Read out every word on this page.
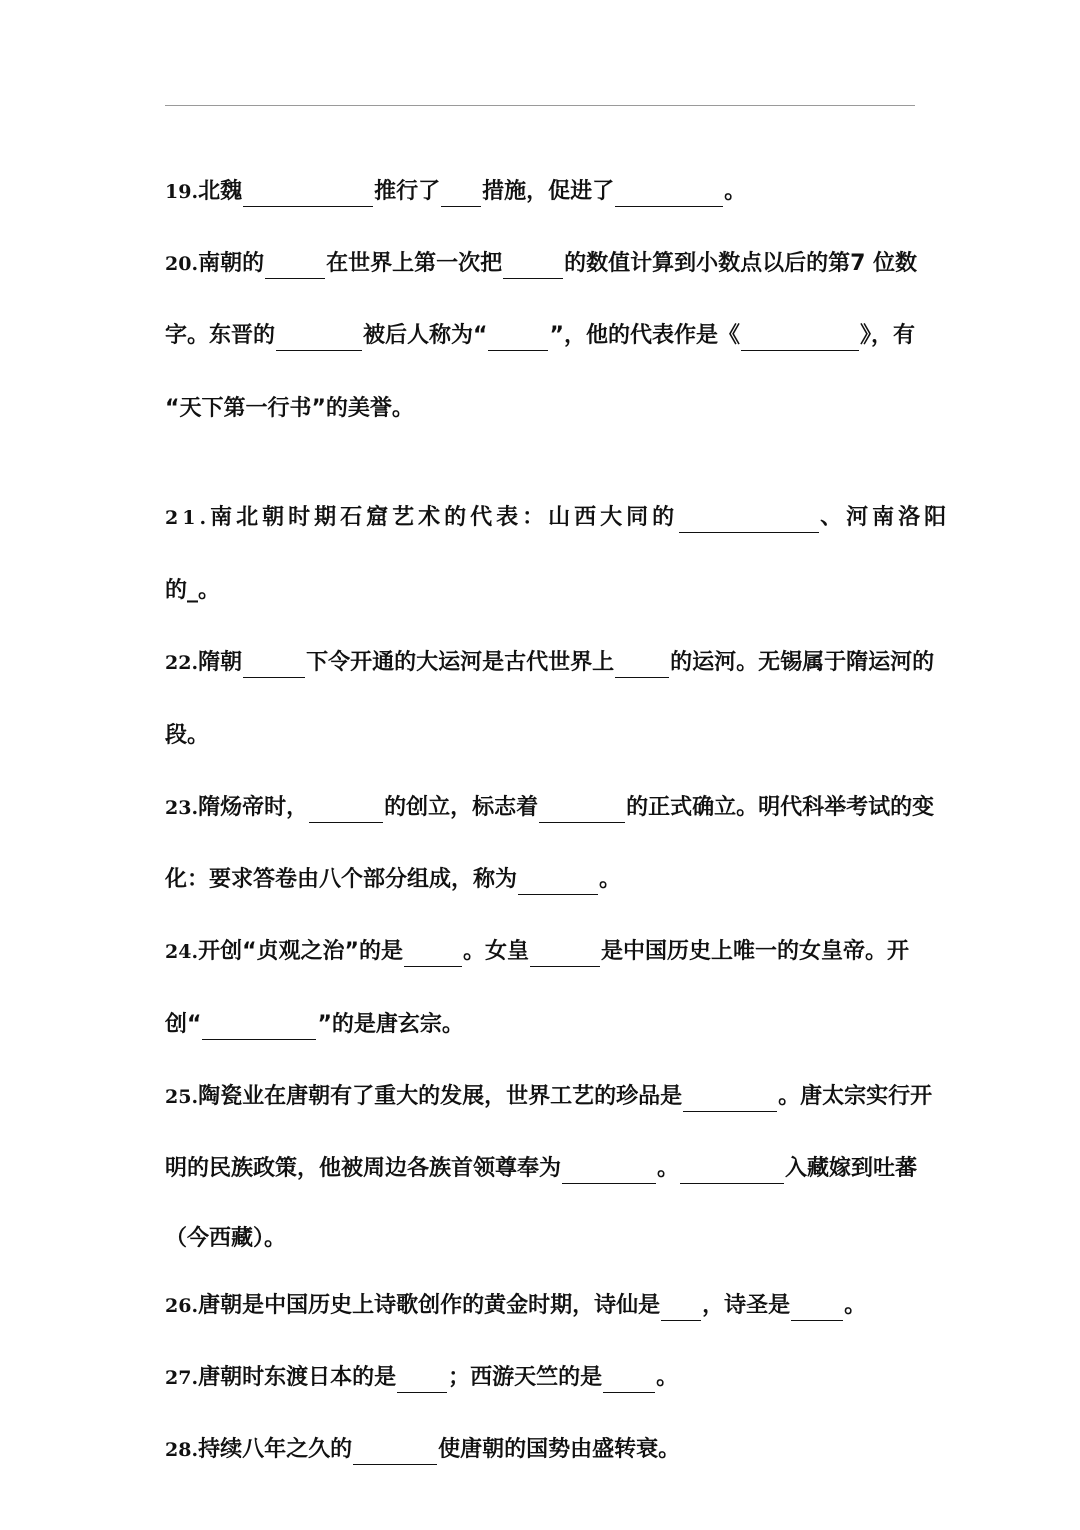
19.北魏	推行了 措施，促进了	。
20.南朝的	在世界上第一次把	的数值计算到小数点以后的第7 位数
字。东晋的	被后人称为“	”，他的代表作是《	》，有
“天下第一行书”的美誉。
21.南北朝时期石窟艺术的代表：山西大同的	、河南洛阳
的_。
22.隋朝	下令开通的大运河是古代世界上	的运河。无锡属于隋运河的
段。
23.隋炀帝时，	的创立，标志着	的正式确立。明代科举考试的变
化：要求答卷由八个部分组成，称为	。
24.开创“贞观之治”的是	。女皇	是中国历史上唯一的女皇帝。开
创“	”的是唐玄宗。
25.陶瓷业在唐朝有了重大的发展，世界工艺的珍品是	。唐太宗实行开
明的民族政策，他被周边各族首领尊奉为	。	入藏嫁到吐蕃
（今西藏）。
26.唐朝是中国历史上诗歌创作的黄金时期，诗仙是 ，诗圣是 。
27.唐朝时东渡日本的是 ；西游天竺的是 。
28.持续八年之久的	使唐朝的国势由盛转衰。
